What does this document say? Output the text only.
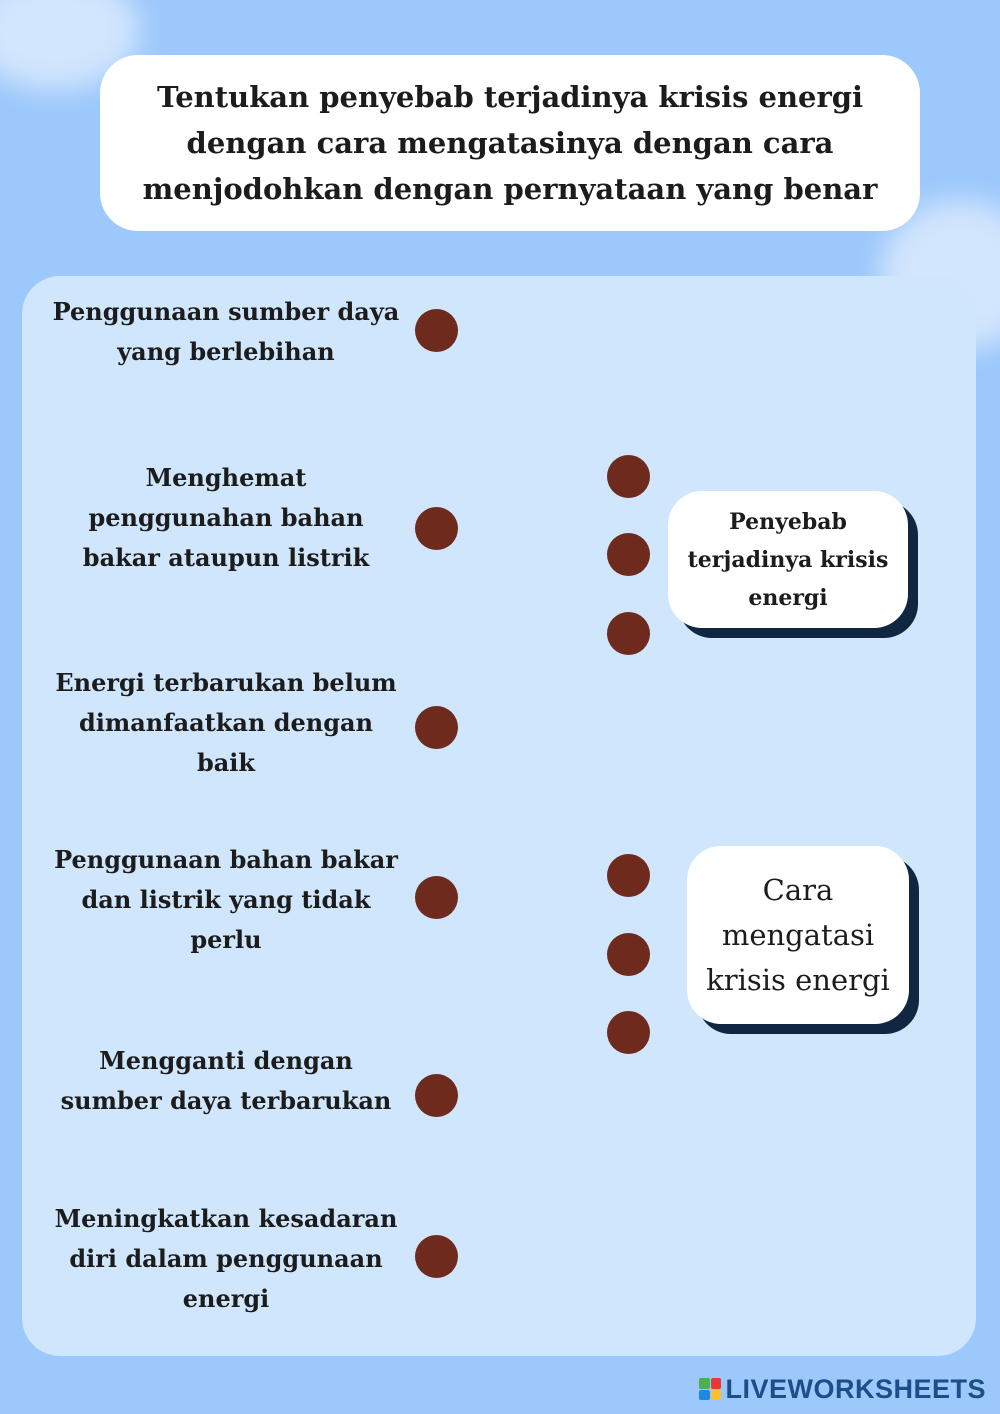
Tentukan penyebab terjadinya krisis energi dengan cara mengatasinya dengan cara menjodohkan dengan pernyataan yang benar
Penggunaan sumber daya yang berlebihan
Menghemat penggunahan bahan bakar ataupun listrik
Energi terbarukan belum dimanfaatkan dengan baik
Penggunaan bahan bakar dan listrik yang tidak perlu
Mengganti dengan sumber daya terbarukan
Meningkatkan kesadaran diri dalam penggunaan energi
Penyebab terjadinya krisis energi
Cara mengatasi krisis energi
LIVEWORKSHEETS
